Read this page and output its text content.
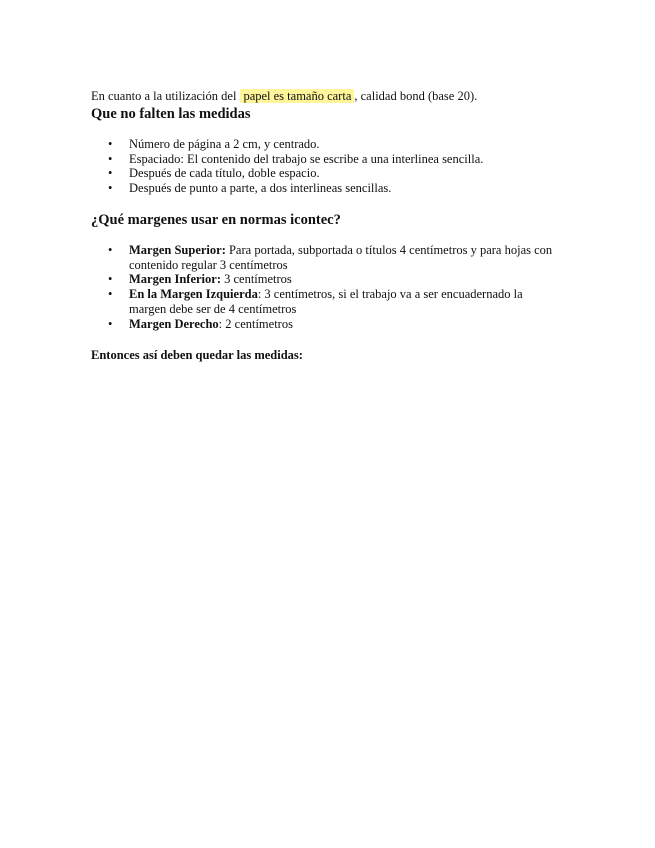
En cuanto a la utilización del papel es tamaño carta , calidad bond (base 20).

Que no falten las medidas
• Número de página a 2 cm, y centrado.
• Espaciado: El contenido del trabajo se escribe a una interlinea sencilla.
• Después de cada título, doble espacio.
• Después de punto a parte, a dos interlineas sencillas.
¿Qué margenes usar en normas icontec?
• Margen Superior: Para portada, subportada o títulos 4 centímetros y para hojas con contenido regular 3 centímetros
• Margen Inferior: 3 centímetros
• En la Margen Izquierda: 3 centímetros, si el trabajo va a ser encuadernado la margen debe ser de 4 centímetros
• Margen Derecho: 2 centímetros

Entonces así deben quedar las medidas:
